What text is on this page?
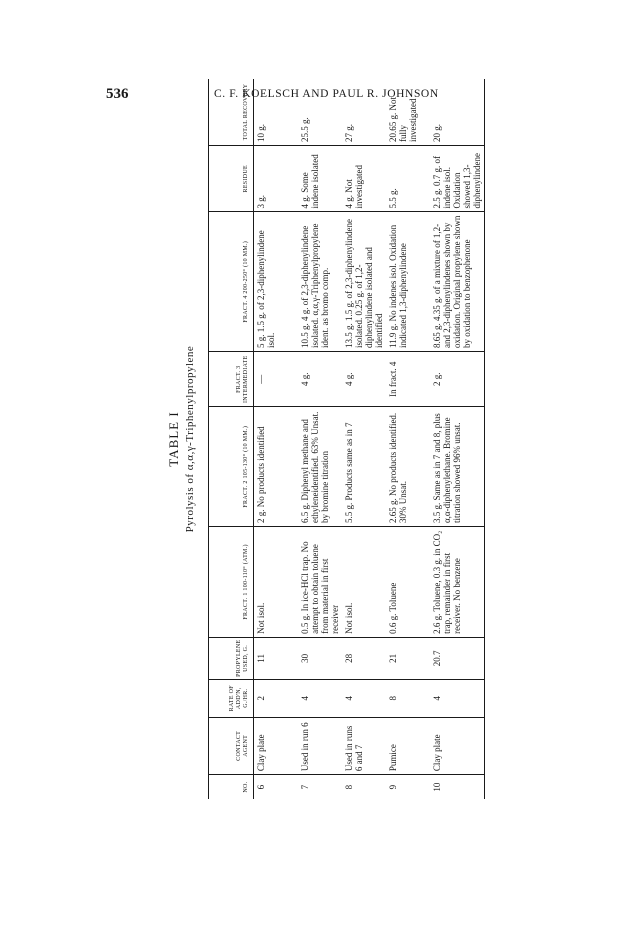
536	C. F. KOELSCH AND PAUL R. JOHNSON
TABLE I Pyrolysis of α,α,γ-Triphenylpropylene
NO.	CONTACT AGENT	RATE OF ADD'N, G./HR.	PROPYLENE USED, G.	FRACT. 1 100-110° (ATM.)	FRACT. 2 105-130° (10 MM.)	FRACT. 3 INTERMEDIATE	FRACT. 4 200-250° (10 MM.)	RESIDUE	TOTAL RECOVERY
6	Clay plate	2	11	Not isol.	2 g. No products identified	—	5 g. 1.5 g. of 2,3-diphenylindene isol.	3 g.	10 g.
7	Used in run 6	4	30	0.5 g. In ice-HCl trap. No attempt to obtain toluene from material in first receiver	6.5 g. Diphenyl methane and ethyleneidentified. 63% Unsat. by bromine titration	4 g.	10.5 g. 4 g. of 2,3-diphenylindene isolated. α,α,γ-Triphenylpropylene ident. as bromo comp.	4 g. Some indene isolated	25.5 g.
8	Used in runs 6 and 7	4	28	Not isol.	5.5 g. Products same as in 7	4 g.	13.5 g. 1.5 g. of 2,3-diphenylindene isolated. 0.25 g. of 1,2-diphenylindene isolated and identified	4 g. Not investigated	27 g.
9	Pumice	8	21	0.6 g. Toluene	2.65 g. No products identified. 30% Unsat.	In fract. 4	11.9 g. No indenes isol. Oxidation indicated 1,3-diphenylindene	5.5 g.	20.65 g. Not fully investigated
10	Clay plate	4	20.7	2.6 g. Toluene, 0.3 g. in CO₂ trap, remainder in first receiver. No benzene	3.5 g. Same as in 7 and 8, plus α,α-diphenylethane. Bromine titration showed 96% unsat.	2 g.	8.65 g. 4.35 g. of a mixture of 1,2- and 2,3-diphenylindenes shown by oxidation. Original propylene shown by oxidation to benzophenone	2.5 g. 0.7 g. of indene isol. Oxidation showed 1,3-diphenylindene	20 g.
